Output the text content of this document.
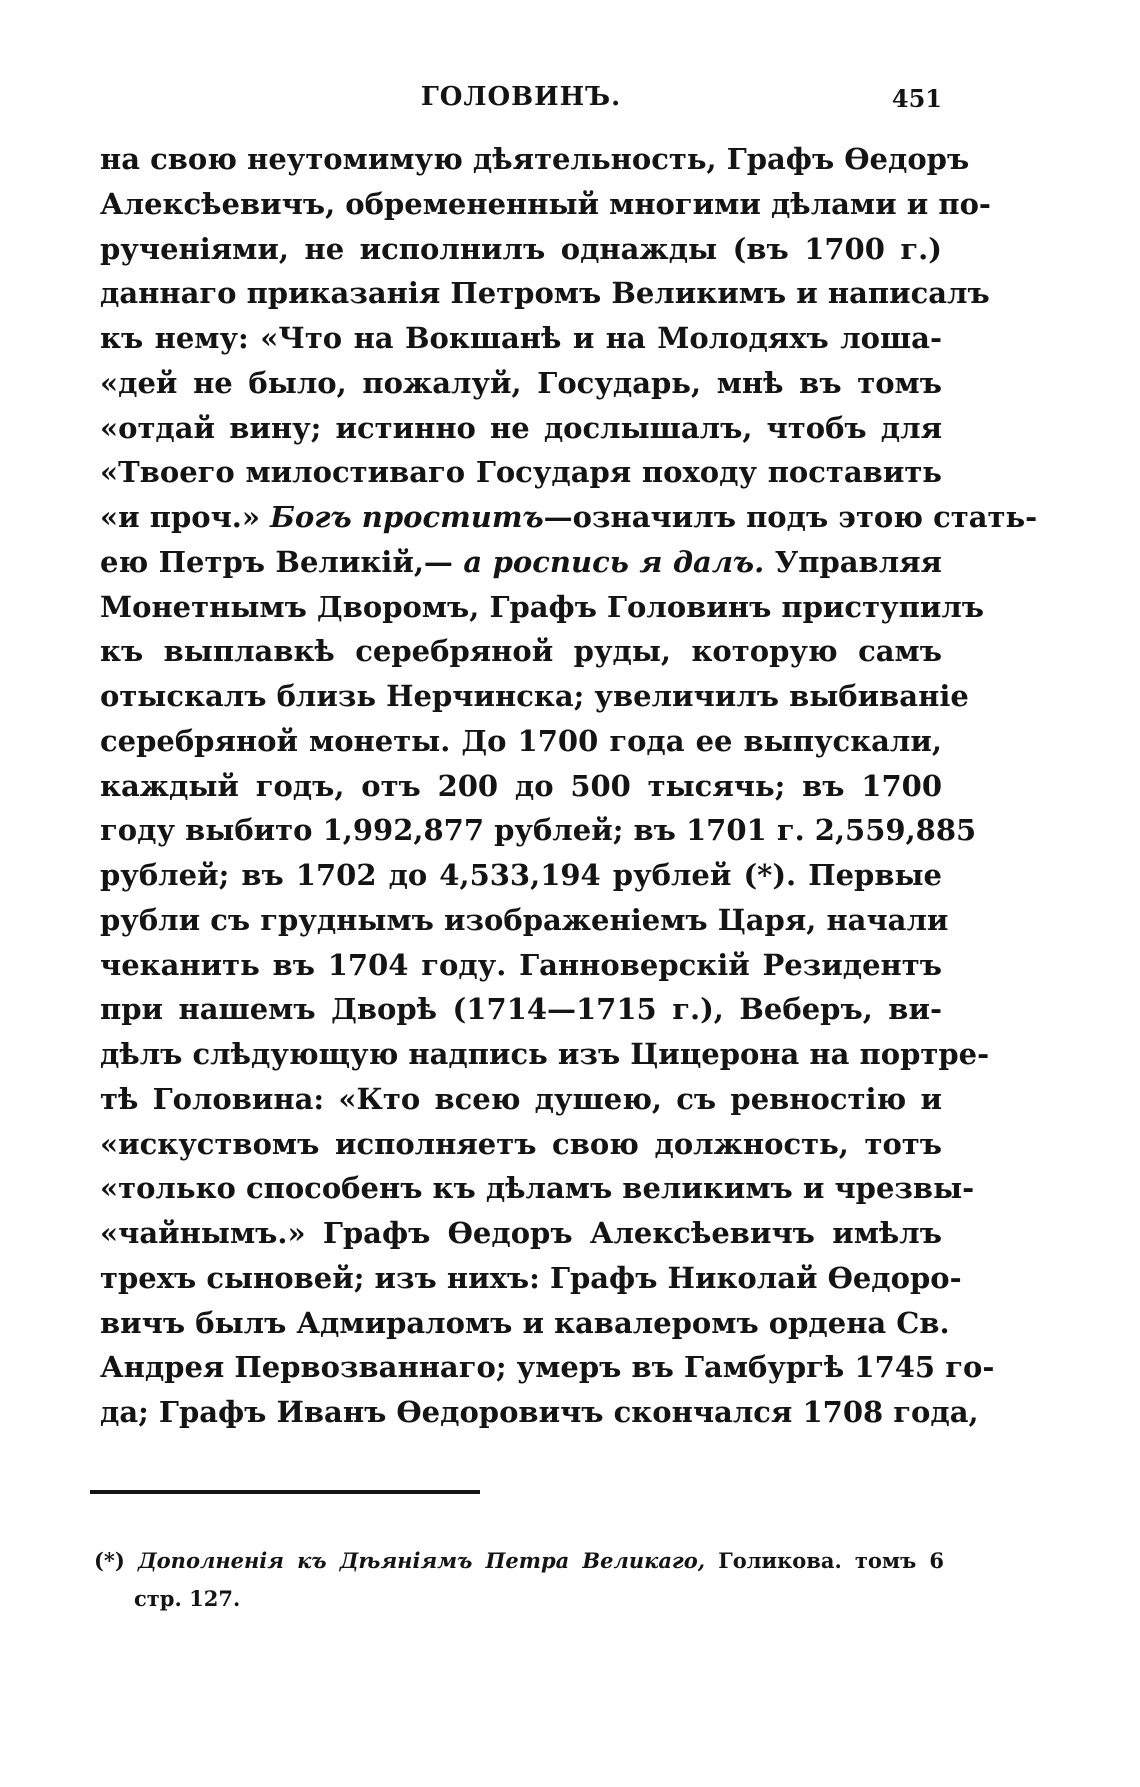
ГОЛОВИНЪ.	451
на свою неутомимую дѣятельность, Графъ Ѳедоръ
Алексѣевичъ, обремененный многими дѣлами и по-
рученіями, не исполнилъ однажды (въ 1700 г.)
даннаго приказанія Петромъ Великимъ и написалъ
къ нему: «Что на Вокшанѣ и на Молодяхъ лоша-
«дей не было, пожалуй, Государь, мнѣ въ томъ
«отдай вину; истинно не дослышалъ, чтобъ для
«Твоего милостиваго Государя походу поставить
«и проч.» Богъ проститъ—означилъ подъ этою стать-
ею Петръ Великій,— а роспись я далъ. Управляя
Монетнымъ Дворомъ, Графъ Головинъ приступилъ
къ выплавкѣ серебряной руды, которую самъ
отыскалъ близь Нерчинска; увеличилъ выбиваніе
серебряной монеты. До 1700 года ее выпускали,
каждый годъ, отъ 200 до 500 тысячь; въ 1700
году выбито 1,992,877 рублей; въ 1701 г. 2,559,885
рублей; въ 1702 до 4,533,194 рублей (*). Первые
рубли съ груднымъ изображеніемъ Царя, начали
чеканить въ 1704 году. Ганноверскій Резидентъ
при нашемъ Дворѣ (1714—1715 г.), Веберъ, ви-
дѣлъ слѣдующую надпись изъ Цицерона на портре-
тѣ Головина: «Кто всею душею, съ ревностію и
«искуствомъ исполняетъ свою должность, тотъ
«только способенъ къ дѣламъ великимъ и чрезвы-
«чайнымъ.» Графъ Ѳедоръ Алексѣевичъ имѣлъ
трехъ сыновей; изъ нихъ: Графъ Николай Ѳедоро-
вичъ былъ Адмираломъ и кавалеромъ ордена Св.
Андрея Первозваннаго; умеръ въ Гамбургѣ 1745 го-
да; Графъ Иванъ Ѳедоровичъ скончался 1708 года,
(*) Дополненія къ Дѣяніямъ Петра Великаго, Голикова. томъ 6
стр. 127.
